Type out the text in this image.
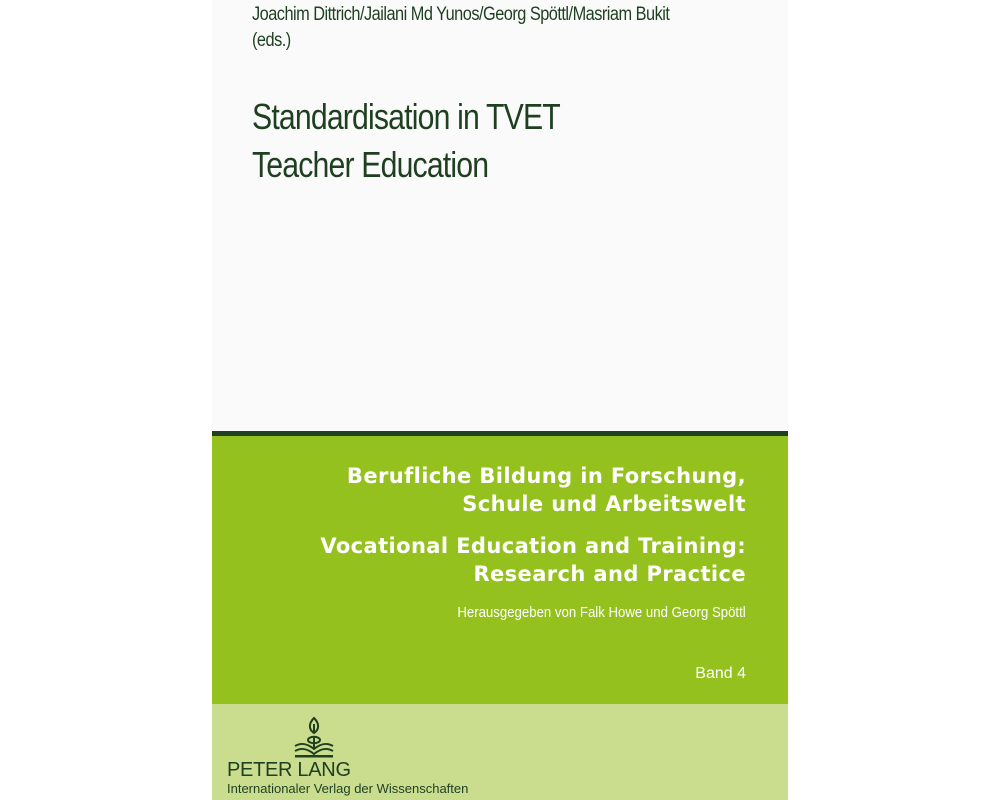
Joachim Dittrich/Jailani Md Yunos/Georg Spöttl/Masriam Bukit
(eds.)
Standardisation in TVET
Teacher Education
Berufliche Bildung in Forschung,
Schule und Arbeitswelt
Vocational Education and Training:
Research and Practice
Herausgegeben von Falk Howe und Georg Spöttl
Band 4
PETER LANG
Internationaler Verlag der Wissenschaften
